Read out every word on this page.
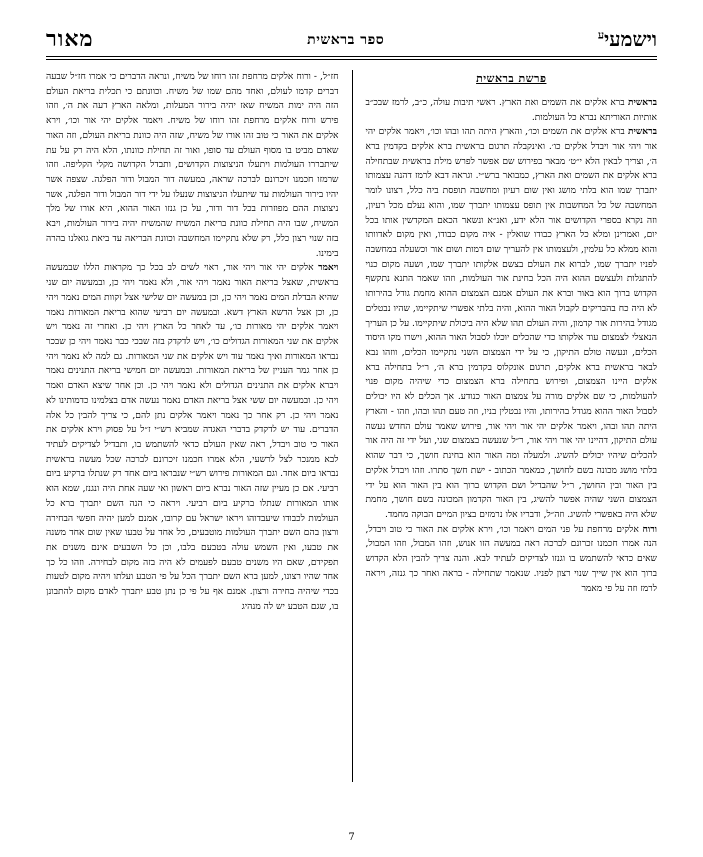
מאור	ספר בראשית	וישמעי$^ע$
פרשת בראשית

בראשית ברא אלקים את השמים ואת הארץ. ראשי תיבות עולה, כ״ב, לרמז שבכ״ב אותיות האוריתא נברא כל העולמות.

בראשית ברא אלקים את השמים וכו׳, והארץ היתה תהו ובהו וכו׳, ויאמר אלקים יהי אור ויהי אור ויבדל אלקים כו׳. ואינקבלה תרגום בראשית ברא אלקים בקדמין ברא ה׳, וצריך לבאין הלא י״ט׳ מבאר בפירוש שם אפשר לפרש מילת בראשית שבתחילה ברא אלקים את השמים ואת הארץ, כמבואר ברש״י. וגראה דבא לרמז דהנה עצמותו יתברך שמו הוא בלתי מושג ואין שום רעיון ומחשבה תופסת ביה כלל, רצונו לומר המחשבה של כל המחשבות אין תופס עצמותו יתברך שמו, והוא נעלם מכל רעיון, וזה נקרא בספרי הקדושים אור הלא ידע, ואנ״א ונשאר הכאם המקדשין אותו בכל יום, ואמרינן ומלא כל הארץ כבודו שואלין - איה מקום כבודו, ואין מקום לאדוותו והוא ממלא כל עלמין, ולעצמותו אין להעריך שום דמות ושום אור וכשעלה במחשבה לפניו יתברך שמו, לברוא את העולם בצשם אלקותו יתברך שמו, ושעה מקום כנוי להתגלות ולעצשם ההוא היה הכל בחינת אור העולמות, וזהו שאמר התנא נתקשף הקדוש ברוך הוא באור וברא את העולם אמנם הצמצום ההוא מחמת גודל בהירותו לא היה כח בהבריקים לקבול האור ההוא, והיה בלתי אפשרי שיתקיימו, שהיו נבטלים מגודל בהירות אור קדמון, והיה העולם תהו שלא היה ביכולת שיתקיימו. על כן העריך הנאצלי לצמצום עוד אלקותו כדי שהכלים יוכלו לסבול האור ההוא, וישרו מקו היסוד הכלים, ונעשה טולם התיקון, כי על ידי הצמצום השני נתקיימו הכלים, ווזהו נבא לבאר בראשית ברא אלקים, תרגום אונקלוס בקדמין ברא ה׳, ר״ל בתחילה ברא אלקים היינו הצמצום, ופירוש בתחילה ברא הצמצום כדי שיהיה מקום פנוי להעולמות, כי שם אלקים מורה על צמצום האור כנודע. אך הכלים לא היו יכולים לסבול האור ההוא מגודל בהירותו, והיו נבטלין בניו, וזה טעם תהו ובהו, וזהו - והארץ היתה תהו ובהו, ויאמר אלקים יהי אור ויהי אור, פירוש שאמר עולם החדש נעשה עולם התיקון, דהיינו יהי אור ויהי אור, ר״ל שנעשה בצמצום שני, ועל ידי זה היה אור להכלים שיהיו יכולים להשיג. ולמעלה ומה האור הוא בחינת חושך, כי דבר שהוא בלתי מושג מכונה בשם לחושך, כמאמר הכתוב - ישת חשך סתרו. וזהו ויבדל אלקים בין האור ובין החושך, ר״ל שהבדיל ושם הקדוש ברוך הוא בין האור הוא על ידי הצמצום השני שהיה אפשר להשיג, בין האור הקדמון המכונה בשם חושך, מחמת שלא היה באפשרי להשיג. וזה״ל, ודבריו אלו נרמזים בציון המיים הבוקה מחמד.

ורוח אלקים מרחפת על פני המים ויאמר וכו׳, וירא אלקים את האור כי טוב ויבדל, הנה אמרו חכמנו זכרונם לברכה ראה במעשה הזו אנוש, וזהו המבול, וזהו המבול, שאים כדאי להשתמש בו וגנזו לצדיקים לעתיד לבא. והנה צריך להבין הלא הקדוש ברוך הוא אין שייך שנוי רצון לפניו. שנאמר שתחילה - בראה ואחר כך גנזה, ויראה לרמז וזה על פי מאמר

חז״ל, - ורוח אלקים מרחפת זהו רוחו של משיח, ונראה הדברים כי אמרו חז״ל שבעה דברים קדמו לעולם, ואחד מהם שמו של משיח. וכוונתם כי תכלית בריאת העולם הזה היה ימות המשיח שאז יהיה בירור המעלות, ומלאה הארץ דעה את ה׳, וזהו פירש ורוח אלקים מרחפת זהו רוחו של משיח. ויאמר אלקים יהי אור וכו׳, וירא אלקים את האור כי טוב זהו אורו של משיח, שזה היה כוונת בריאת העולם, וזה האור שאדם מביט בו מסוף העולם עד סופו, ואור זה תחילת כוונתו, הלא היה רק על עת שיתבררו העולמות ויתעלו הניצוצות הקדושים, ותבדל הקדושה מקלי הקליפה. וזהו שרמזו חכמנו זיכרונם לברכה שראה, במעשה דור המבול ודור הפלגה. שצפה אשר יהיו בירור העולמות עד שיתעלו הניצוצות שנעלו על ידי דור המבול ודור הפלגה, אשר ניצוצות ההם מפוזרות בכל דור ודור, על כן גנזו האור ההוא, היא אורו של מלך המשיח, שבו היה תחילת כוונת בריאת המשיח שהמשיח יהיה בירור העולמות, ויבא בזה שנוי רצון כלל, רק שלא נתקיימו המחשבה וכוונת הבריאה עד ביאת גואלנו בהרה בימינו.

ויאמר אלקים יהי אור ויהי אור, ראוי לשים לב בכל כך מקראות הללו שבמעשה בראשית, שאצל בריאת האור נאמר ויהי אור, ולא נאמר ויהי כן, ובמעשה יום שני שהיא הבדלת המים נאמר ויהי כן, וכן במעשה יום שלישי אצל זקוות המים נאמר ויהי כן, וכן אצל הדשא הארץ דשא. ובמעשה יום רביעי שהוא בריאת המאורות נאמר ויאמר אלקים יהי מאורות כו׳, עד לאחר כל הארץ ויהי כן. ואחרי זה נאמר ויש אלקים את שני המאורות הגדולים כו׳, ויש לדקדק בזה שבכי כבר נאמר ויהי כן שבכר נבראו המאורות ואיך נאמר עוד ויש אלקים את שני המאורות. גם למה לא נאמר ויהי כן אחר גמר העניין של בריאת המאורות. ובמעשה יום חמישי בריאת התנינים נאמר ויברא אלקים את התנינים הגדולים ולא נאמר ויהי כן. וכן אחר שיצא האדם ואמר ויהי כן. ובמעשה יום ששי אצל בריאת האדם נאמר נעשה אדם בצלמינו כדמותינו לא נאמר ויהי כן. רק אחר כך נאמר ויאמר אלקים נתן להם, כי צריך להבין כל אלה הדברים. עוד יש לדקדק בדברי האגדה שמביא רש״י ז״ל על פסוק וירא אלקים את האור כי טוב ויבדל, ראה שאין העולם כדאי להשתמש בו, ותבדיל לצדיקים לעתיד לבא ממנכר לצל לרשעי, הלא אמרו חכמנו זיכרונם לברכה שכל מעשה בראשית נבראו ביום אחד. וגם המאורות פירוש רש״י שנבראו ביום אחד רק שנתלו ברקיע ביום רביעי. אם כן מעיין שזה האור נברא ביום ראשון ואי שעה אחת היה ונגנז, שמא הוא אותו המאורות שנתלו ברקיע ביום רביעי. ויראה כי הנה השם יתברך ברא כל העולמות לכבודו שיעבדוהו ויראו ישראל עם קרובו, אמנם למען יהיה חפשי הבחירה ורצון בהם השם יתברך העולמות מוטבעים, כל אחד על טבעו שאין שום אחד משנה את טבעו, ואין השמש עולה בטבעם בלבו, וכן כל השבעים אינם משנים את תפקידם, שאם היו משנים טבעם לפעמים לא היה בזה מקום לבחירה. וזהו כל כך אחד שהיו רצונו, למען ברא השם יתברך הכל על פי הטבע ועלתו ויהיה מקום לטעות בכדי שיהיה בחירה ורצון. אמנם אף על פי כן נתן טבע יתברך לאדם מקום להתבונן בו, שגם הטבע יש לה מנהיג

7
